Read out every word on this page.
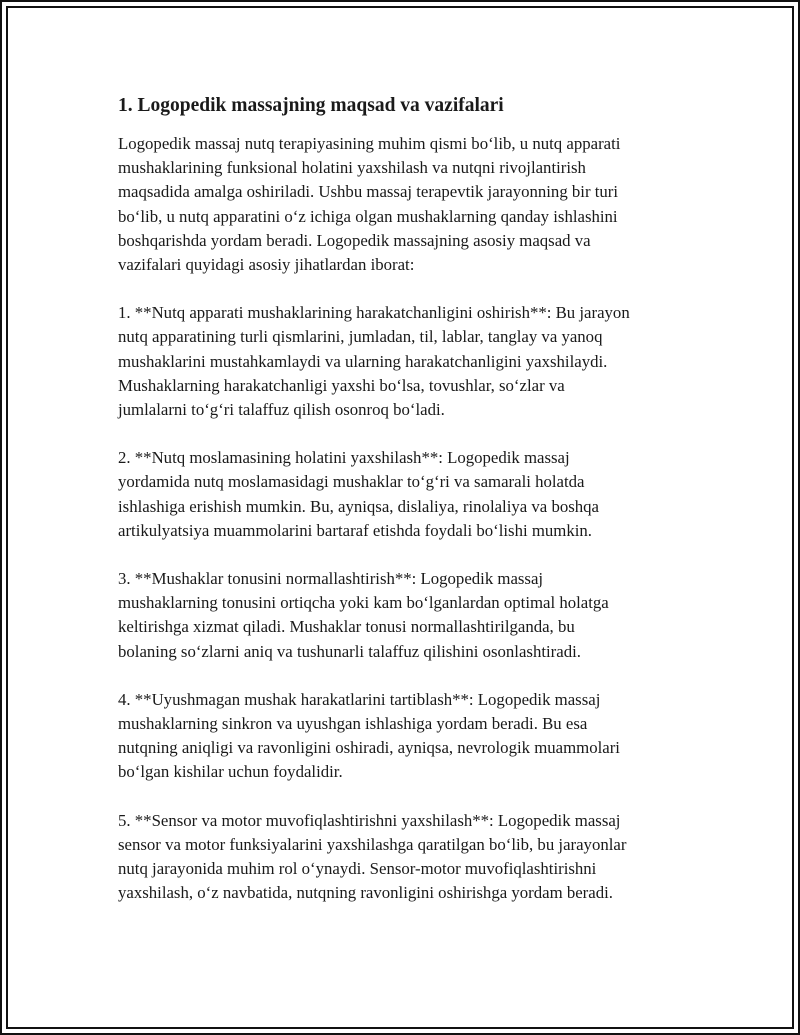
1. Logopedik massajning maqsad va vazifalari

Logopedik massaj nutq terapiyasining muhim qismi boʻlib, u nutq apparati
mushaklarining funksional holatini yaxshilash va nutqni rivojlantirish
maqsadida amalga oshiriladi. Ushbu massaj terapevtik jarayonning bir turi
boʻlib, u nutq apparatini oʻz ichiga olgan mushaklarning qanday ishlashini
boshqarishda yordam beradi. Logopedik massajning asosiy maqsad va
vazifalari quyidagi asosiy jihatlardan iborat:

1. **Nutq apparati mushaklarining harakatchanligini oshirish**: Bu jarayon
nutq apparatining turli qismlarini, jumladan, til, lablar, tanglay va yanoq
mushaklarini mustahkamlaydi va ularning harakatchanligini yaxshilaydi.
Mushaklarning harakatchanligi yaxshi boʻlsa, tovushlar, soʻzlar va
jumlalarni toʻgʻri talaffuz qilish osonroq boʻladi.

2. **Nutq moslamasining holatini yaxshilash**: Logopedik massaj
yordamida nutq moslamasidagi mushaklar toʻgʻri va samarali holatda
ishlashiga erishish mumkin. Bu, ayniqsa, dislaliya, rinolaliya va boshqa
artikulyatsiya muammolarini bartaraf etishda foydali boʻlishi mumkin.

3. **Mushaklar tonusini normallashtirish**: Logopedik massaj
mushaklarning tonusini ortiqcha yoki kam boʻlganlardan optimal holatga
keltirishga xizmat qiladi. Mushaklar tonusi normallashtirilganda, bu
bolaning soʻzlarni aniq va tushunarli talaffuz qilishini osonlashtiradi.

4. **Uyushmagan mushak harakatlarini tartiblash**: Logopedik massaj
mushaklarning sinkron va uyushgan ishlashiga yordam beradi. Bu esa
nutqning aniqligi va ravonligini oshiradi, ayniqsa, nevrologik muammolari
boʻlgan kishilar uchun foydalidir.

5. **Sensor va motor muvofiqlashtirishni yaxshilash**: Logopedik massaj
sensor va motor funksiyalarini yaxshilashga qaratilgan boʻlib, bu jarayonlar
nutq jarayonida muhim rol oʻynaydi. Sensor-motor muvofiqlashtirishni
yaxshilash, oʻz navbatida, nutqning ravonligini oshirishga yordam beradi.
